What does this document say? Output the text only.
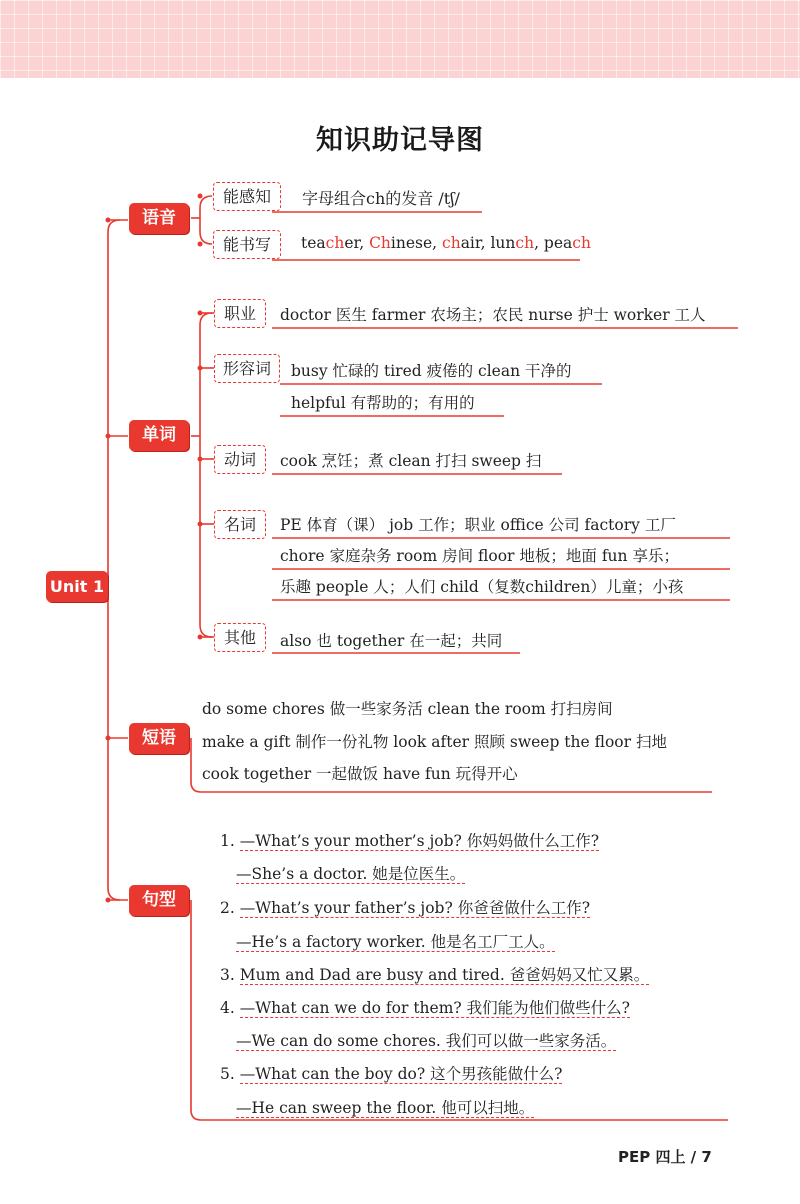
知识助记导图
Unit 1
语音
单词
短语
句型
能感知	字母组合ch的发音 /tʃ/
能书写	teacher, Chinese, chair, lunch, peach
职业	doctor 医生 farmer 农场主；农民 nurse 护士 worker 工人
形容词	busy 忙碌的 tired 疲倦的 clean 干净的
helpful 有帮助的；有用的
动词	cook 烹饪；煮 clean 打扫 sweep 扫
名词	PE 体育（课） job 工作；职业 office 公司 factory 工厂
chore 家庭杂务 room 房间 floor 地板；地面 fun 享乐；
乐趣 people 人；人们 child（复数children）儿童；小孩
其他	also 也 together 在一起；共同
do some chores 做一些家务活 clean the room 打扫房间
make a gift 制作一份礼物 look after 照顾 sweep the floor 扫地
cook together 一起做饭 have fun 玩得开心
1. —What’s your mother’s job? 你妈妈做什么工作?
—She’s a doctor. 她是位医生。
2. —What’s your father’s job? 你爸爸做什么工作?
—He’s a factory worker. 他是名工厂工人。
3. Mum and Dad are busy and tired. 爸爸妈妈又忙又累。
4. —What can we do for them? 我们能为他们做些什么?
—We can do some chores. 我们可以做一些家务活。
5. —What can the boy do? 这个男孩能做什么?
—He can sweep the floor. 他可以扫地。
PEP 四上 / 7
